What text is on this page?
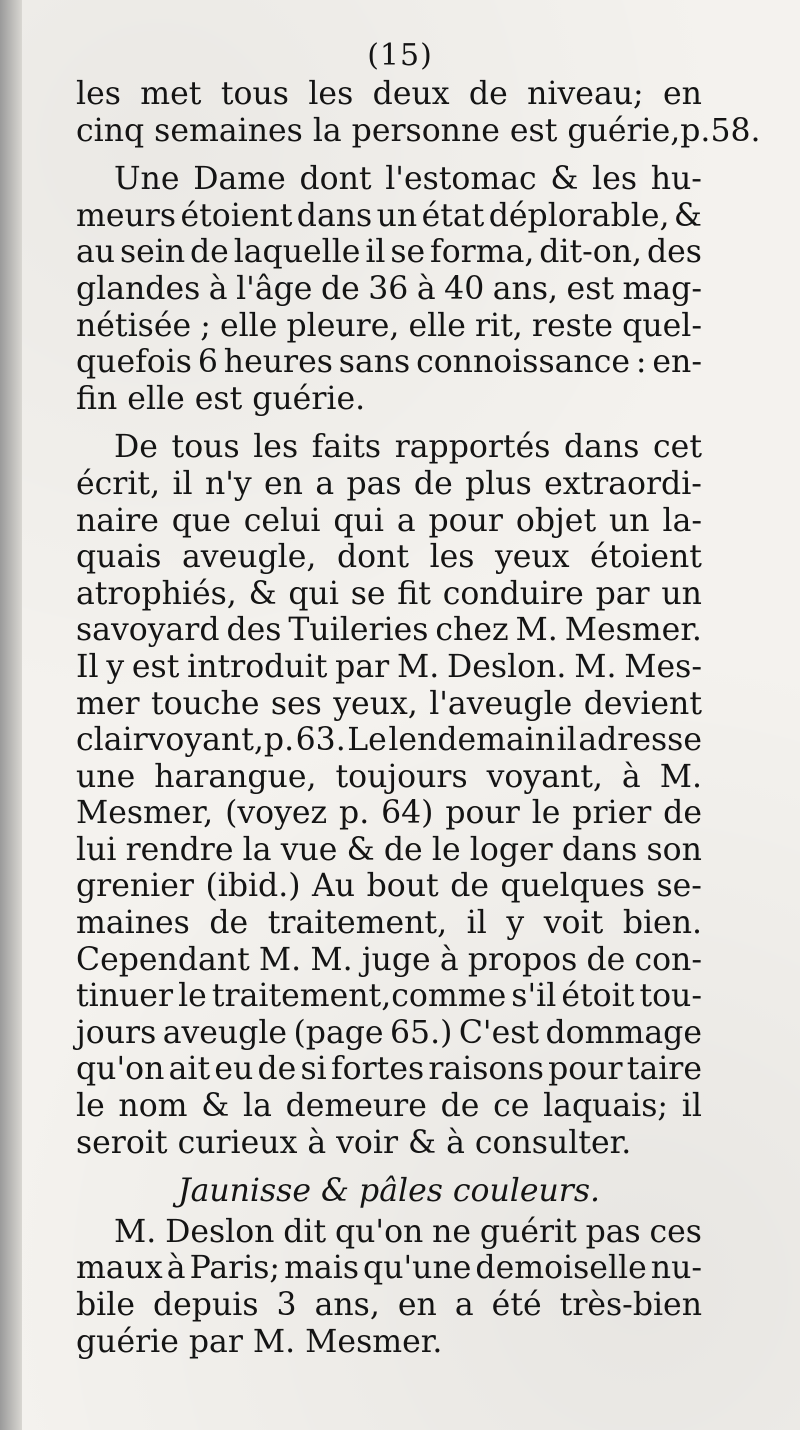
(15)
les met tous les deux de niveau; en
cinq semaines la personne est guérie,p.58.
Une Dame dont l'estomac & les hu-
meurs étoient dans un état déplorable, &
au sein de laquelle il se forma, dit-on, des
glandes à l'âge de 36 à 40 ans, est mag-
nétisée ; elle pleure, elle rit, reste quel-
quefois 6 heures sans connoissance : en-
fin elle est guérie.
De tous les faits rapportés dans cet
écrit, il n'y en a pas de plus extraordi-
naire que celui qui a pour objet un la-
quais aveugle, dont les yeux étoient
atrophiés, & qui se fit conduire par un
savoyard des Tuileries chez M. Mesmer.
Il y est introduit par M. Deslon. M. Mes-
mer touche ses yeux, l'aveugle devient
clairvoyant,p. 63. Le lendemain il adresse
une harangue, toujours voyant, à M.
Mesmer, (voyez p. 64) pour le prier de
lui rendre la vue & de le loger dans son
grenier (ibid.) Au bout de quelques se-
maines de traitement, il y voit bien.
Cependant M. M. juge à propos de con-
tinuer le traitement,comme s'il étoit tou-
jours aveugle (page 65.) C'est dommage
qu'on ait eu de si fortes raisons pour taire
le nom & la demeure de ce laquais; il
seroit curieux à voir & à consulter.
Jaunisse & pâles couleurs.
M. Deslon dit qu'on ne guérit pas ces
maux à Paris; mais qu'une demoiselle nu-
bile depuis 3 ans, en a été très-bien
guérie par M. Mesmer.
